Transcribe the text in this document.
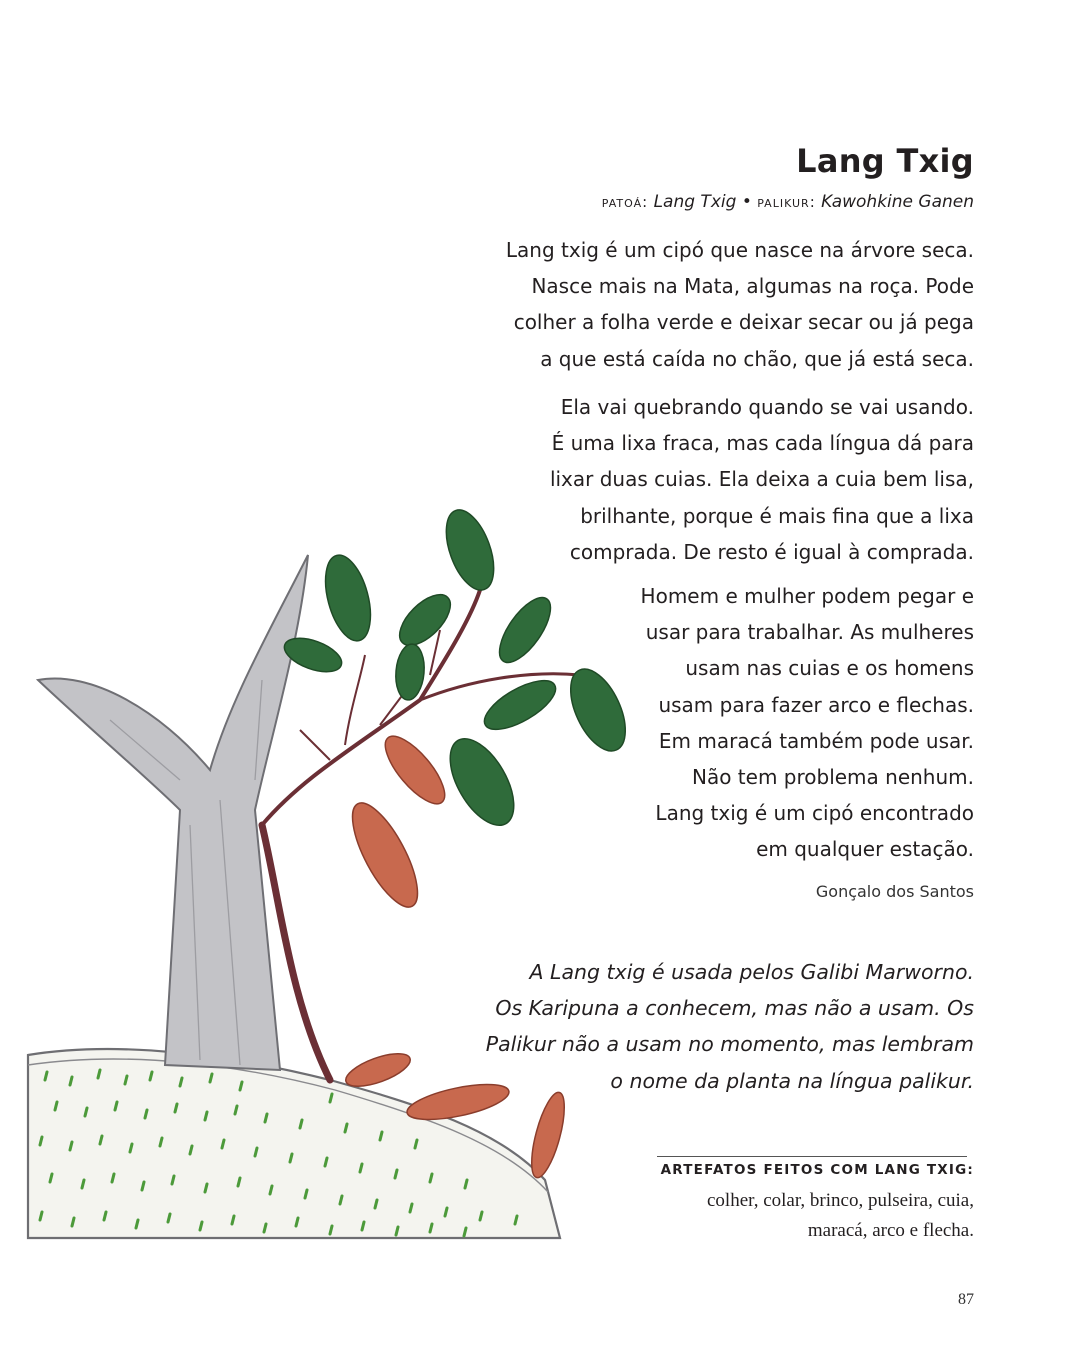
Lang Txig
patoá: Lang Txig • palikur: Kawohkine Ganen

Lang txig é um cipó que nasce na árvore seca.
Nasce mais na Mata, algumas na roça. Pode
colher a folha verde e deixar secar ou já pega
a que está caída no chão, que já está seca.

Ela vai quebrando quando se vai usando.
É uma lixa fraca, mas cada língua dá para
lixar duas cuias. Ela deixa a cuia bem lisa,
brilhante, porque é mais fina que a lixa
comprada. De resto é igual à comprada.

Homem e mulher podem pegar e
usar para trabalhar. As mulheres
usam nas cuias e os homens
usam para fazer arco e flechas.
Em maracá também pode usar.
Não tem problema nenhum.
Lang txig é um cipó encontrado
em qualquer estação.

Gonçalo dos Santos

A Lang txig é usada pelos Galibi Marworno.
Os Karipuna a conhecem, mas não a usam. Os
Palikur não a usam no momento, mas lembram
o nome da planta na língua palikur.

ARTEFATOS FEITOS COM LANG TXIG:

colher, colar, brinco, pulseira, cuia,
maracá, arco e flecha.

87
